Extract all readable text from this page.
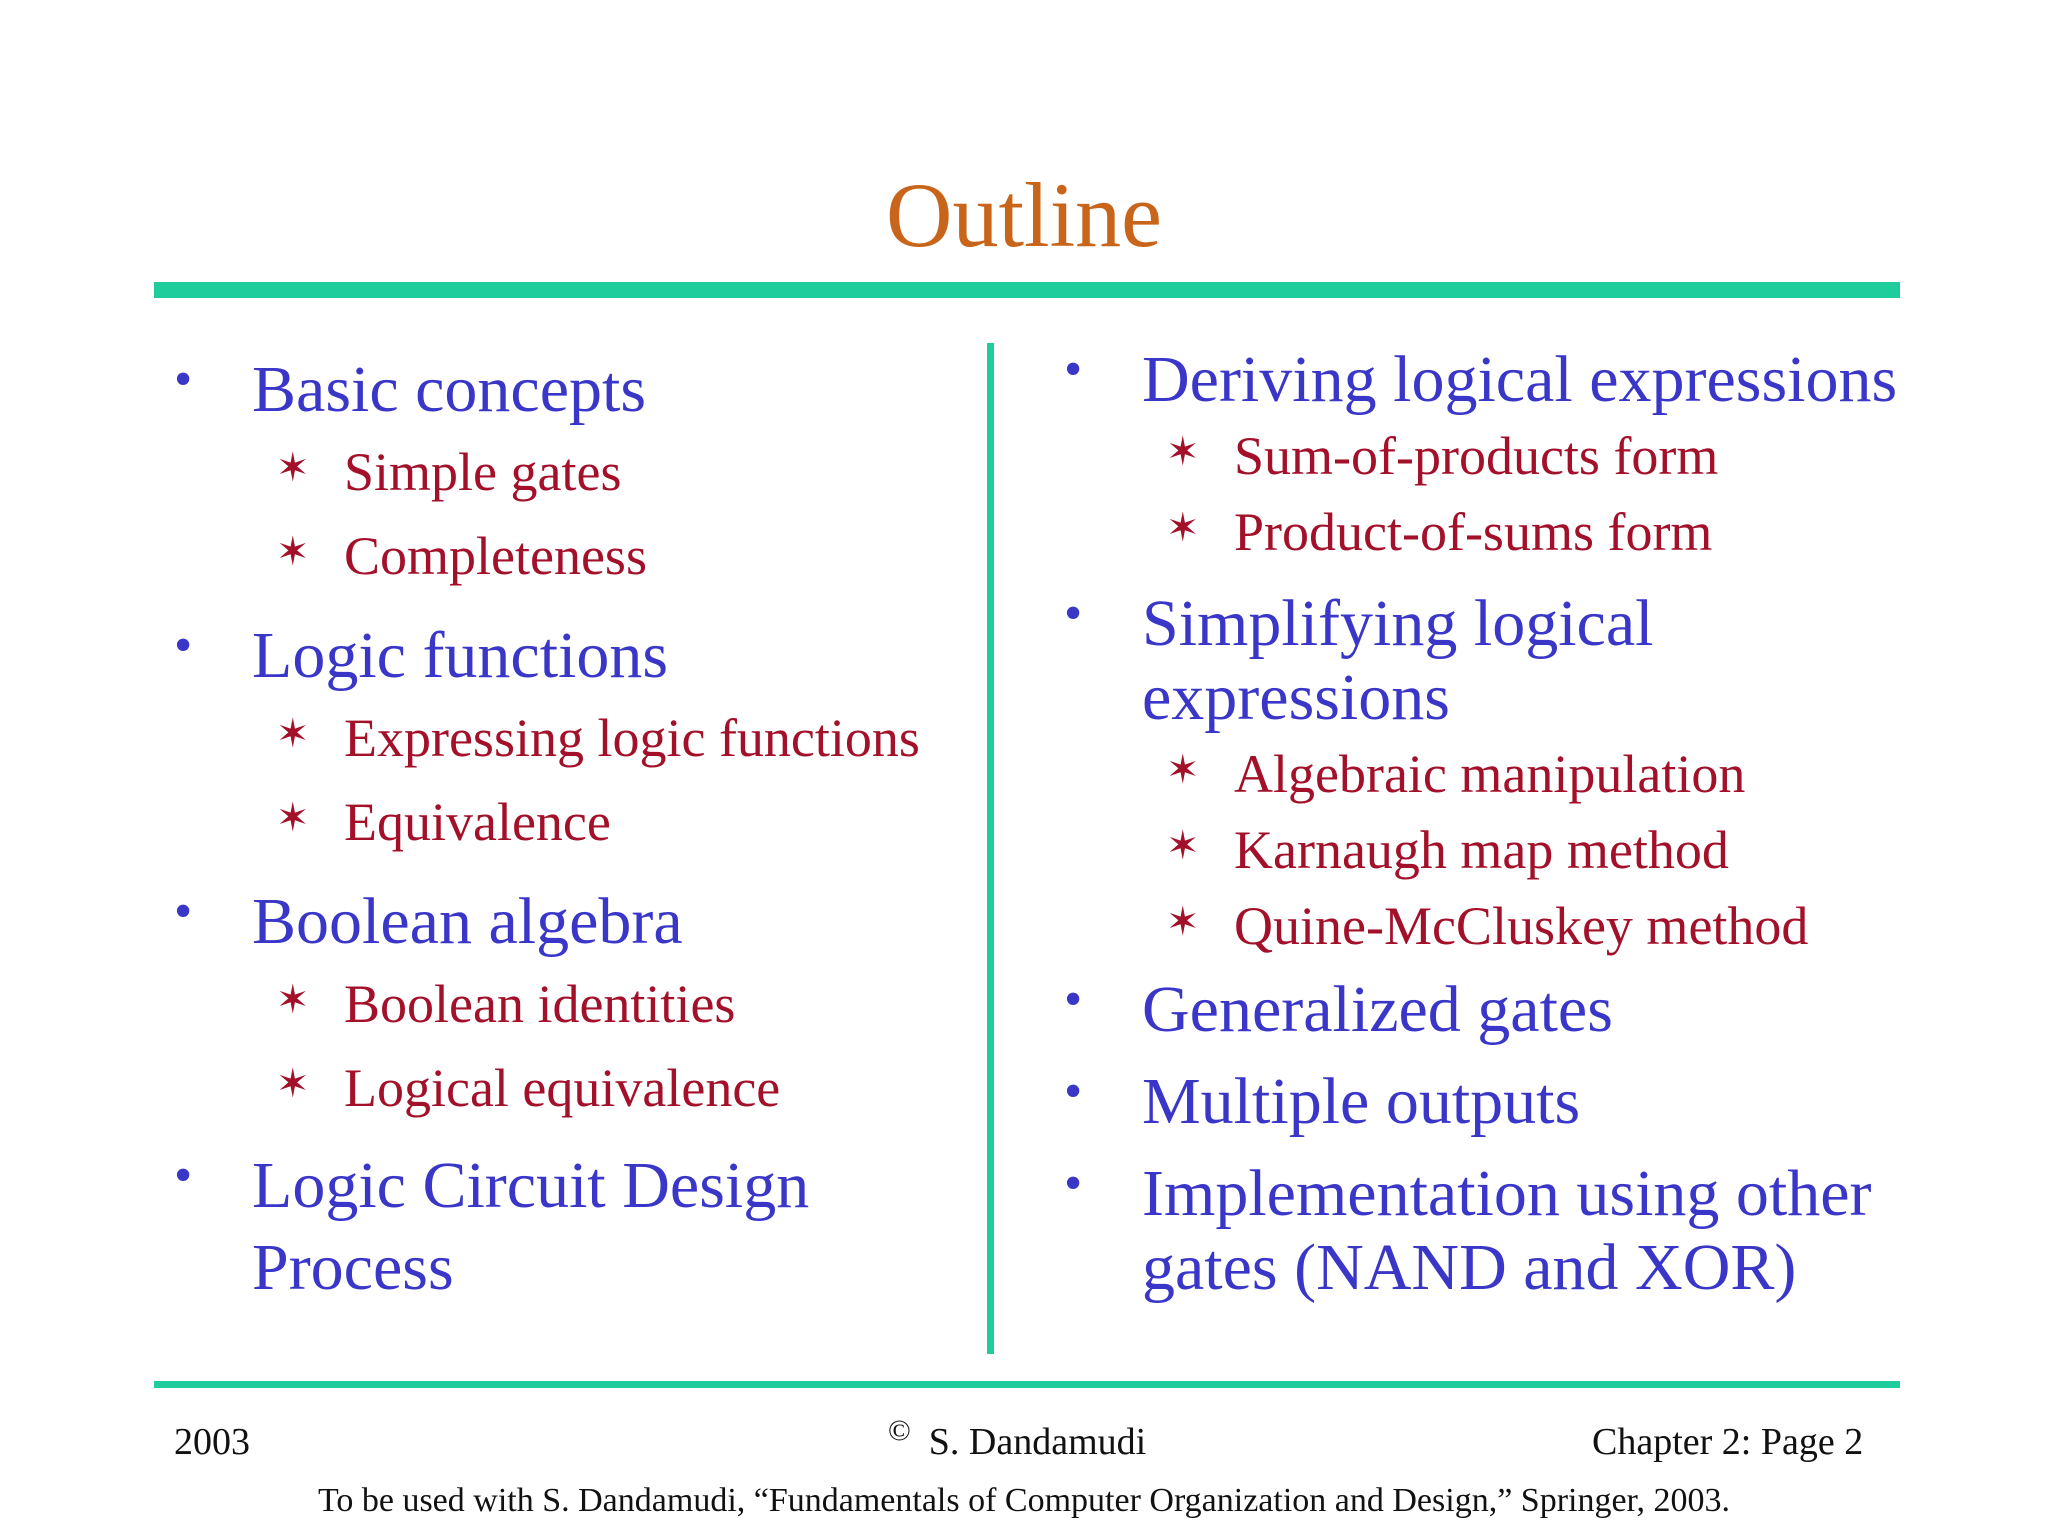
Outline
• Basic concepts
✶ Simple gates
✶ Completeness
• Logic functions
✶ Expressing logic functions
✶ Equivalence
• Boolean algebra
✶ Boolean identities
✶ Logical equivalence
• Logic Circuit Design
Process
• Deriving logical expressions
✶ Sum-of-products form
✶ Product-of-sums form
• Simplifying logical
expressions
✶ Algebraic manipulation
✶ Karnaugh map method
✶ Quine-McCluskey method
• Generalized gates
• Multiple outputs
• Implementation using other
gates (NAND and XOR)
2003	© S. Dandamudi	Chapter 2: Page 2
To be used with S. Dandamudi, “Fundamentals of Computer Organization and Design,” Springer, 2003.
